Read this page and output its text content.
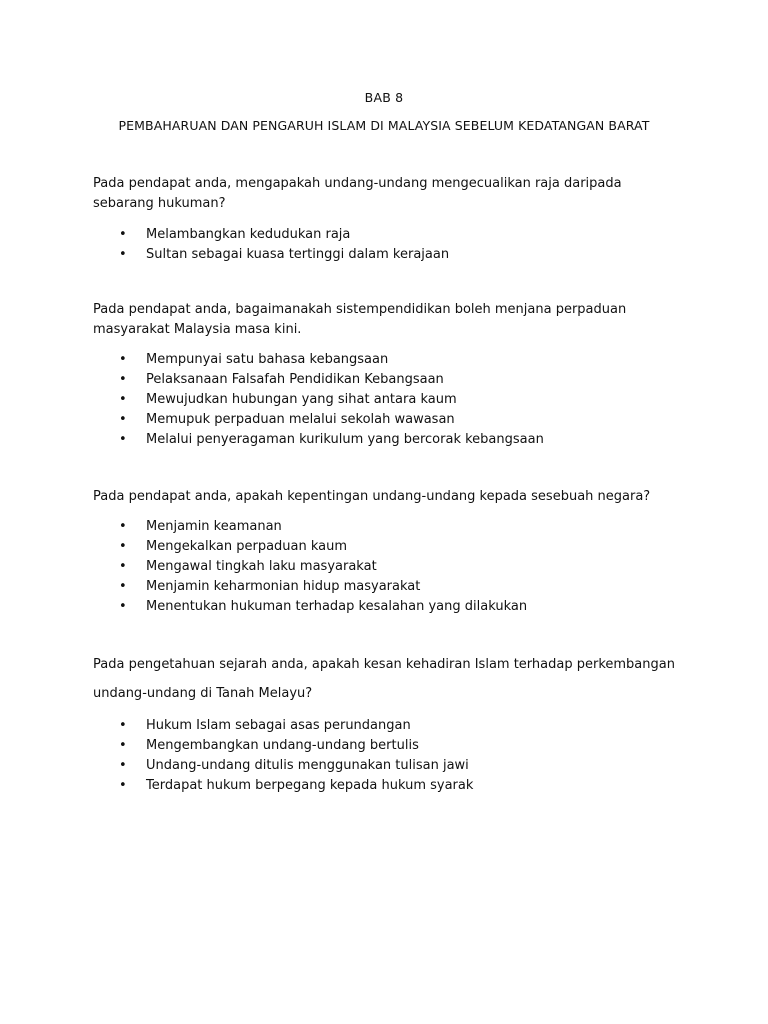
BAB 8
PEMBAHARUAN DAN PENGARUH ISLAM DI MALAYSIA SEBELUM KEDATANGAN BARAT

Pada pendapat anda, mengapakah undang-undang mengecualikan raja daripada sebarang hukuman?

• Melambangkan kedudukan raja
• Sultan sebagai kuasa tertinggi dalam kerajaan

Pada pendapat anda, bagaimanakah sistempendidikan boleh menjana perpaduan masyarakat Malaysia masa kini.

• Mempunyai satu bahasa kebangsaan
• Pelaksanaan Falsafah Pendidikan Kebangsaan
• Mewujudkan hubungan yang sihat antara kaum
• Memupuk perpaduan melalui sekolah wawasan
• Melalui penyeragaman kurikulum yang bercorak kebangsaan

Pada pendapat anda, apakah kepentingan undang-undang kepada sesebuah negara?

• Menjamin keamanan
• Mengekalkan perpaduan kaum
• Mengawal tingkah laku masyarakat
• Menjamin keharmonian hidup masyarakat
• Menentukan hukuman terhadap kesalahan yang dilakukan

Pada pengetahuan sejarah anda, apakah kesan kehadiran Islam terhadap perkembangan undang-undang di Tanah Melayu?

• Hukum Islam sebagai asas perundangan
• Mengembangkan undang-undang bertulis
• Undang-undang ditulis menggunakan tulisan jawi
• Terdapat hukum berpegang kepada hukum syarak
